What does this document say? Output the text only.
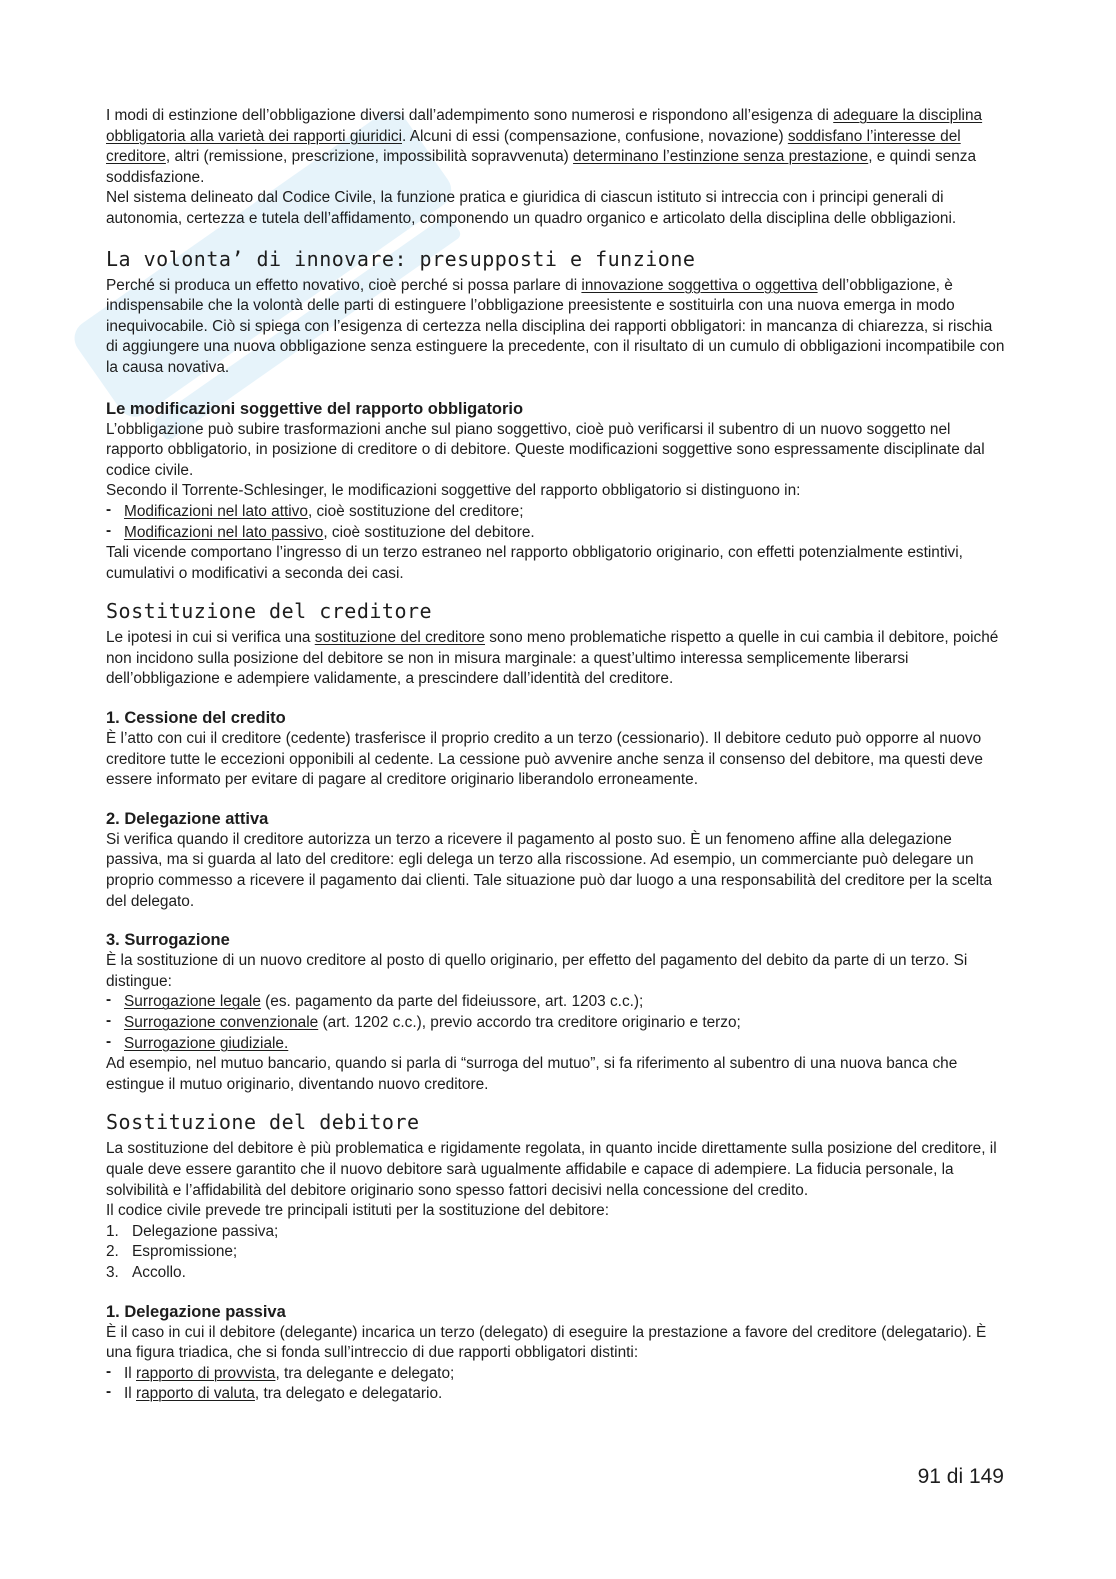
I modi di estinzione dell’obbligazione diversi dall’adempimento sono numerosi e rispondono all’esigenza di adeguare la disciplina obbligatoria alla varietà dei rapporti giuridici. Alcuni di essi (compensazione, confusione, novazione) soddisfano l’interesse del creditore, altri (remissione, prescrizione, impossibilità sopravvenuta) determinano l’estinzione senza prestazione, e quindi senza soddisfazione.

Nel sistema delineato dal Codice Civile, la funzione pratica e giuridica di ciascun istituto si intreccia con i principi generali di autonomia, certezza e tutela dell’affidamento, componendo un quadro organico e articolato della disciplina delle obbligazioni.

La volonta’ di innovare: presupposti e funzione

Perché si produca un effetto novativo, cioè perché si possa parlare di innovazione soggettiva o oggettiva dell’obbligazione, è indispensabile che la volontà delle parti di estinguere l’obbligazione preesistente e sostituirla con una nuova emerga in modo inequivocabile. Ciò si spiega con l’esigenza di certezza nella disciplina dei rapporti obbligatori: in mancanza di chiarezza, si rischia di aggiungere una nuova obbligazione senza estinguere la precedente, con il risultato di un cumulo di obbligazioni incompatibile con la causa novativa.

Le modificazioni soggettive del rapporto obbligatorio

L’obbligazione può subire trasformazioni anche sul piano soggettivo, cioè può verificarsi il subentro di un nuovo soggetto nel rapporto obbligatorio, in posizione di creditore o di debitore. Queste modificazioni soggettive sono espressamente disciplinate dal codice civile.

Secondo il Torrente-Schlesinger, le modificazioni soggettive del rapporto obbligatorio si distinguono in:

- Modificazioni nel lato attivo, cioè sostituzione del creditore;

- Modificazioni nel lato passivo, cioè sostituzione del debitore.

Tali vicende comportano l’ingresso di un terzo estraneo nel rapporto obbligatorio originario, con effetti potenzialmente estintivi, cumulativi o modificativi a seconda dei casi.

Sostituzione del creditore

Le ipotesi in cui si verifica una sostituzione del creditore sono meno problematiche rispetto a quelle in cui cambia il debitore, poiché non incidono sulla posizione del debitore se non in misura marginale: a quest’ultimo interessa semplicemente liberarsi dell’obbligazione e adempiere validamente, a prescindere dall’identità del creditore.

1. Cessione del credito

È l’atto con cui il creditore (cedente) trasferisce il proprio credito a un terzo (cessionario). Il debitore ceduto può opporre al nuovo creditore tutte le eccezioni opponibili al cedente. La cessione può avvenire anche senza il consenso del debitore, ma questi deve essere informato per evitare di pagare al creditore originario liberandolo erroneamente.

2. Delegazione attiva

Si verifica quando il creditore autorizza un terzo a ricevere il pagamento al posto suo. È un fenomeno affine alla delegazione passiva, ma si guarda al lato del creditore: egli delega un terzo alla riscossione. Ad esempio, un commerciante può delegare un proprio commesso a ricevere il pagamento dai clienti. Tale situazione può dar luogo a una responsabilità del creditore per la scelta del delegato.

3. Surrogazione

È la sostituzione di un nuovo creditore al posto di quello originario, per effetto del pagamento del debito da parte di un terzo. Si distingue:

- Surrogazione legale (es. pagamento da parte del fideiussore, art. 1203 c.c.);

- Surrogazione convenzionale (art. 1202 c.c.), previo accordo tra creditore originario e terzo;

- Surrogazione giudiziale.

Ad esempio, nel mutuo bancario, quando si parla di “surroga del mutuo”, si fa riferimento al subentro di una nuova banca che estingue il mutuo originario, diventando nuovo creditore.

Sostituzione del debitore

La sostituzione del debitore è più problematica e rigidamente regolata, in quanto incide direttamente sulla posizione del creditore, il quale deve essere garantito che il nuovo debitore sarà ugualmente affidabile e capace di adempiere. La fiducia personale, la solvibilità e l’affidabilità del debitore originario sono spesso fattori decisivi nella concessione del credito.

Il codice civile prevede tre principali istituti per la sostituzione del debitore:

1. Delegazione passiva;

2. Espromissione;

3. Accollo.

1. Delegazione passiva

È il caso in cui il debitore (delegante) incarica un terzo (delegato) di eseguire la prestazione a favore del creditore (delegatario). È una figura triadica, che si fonda sull’intreccio di due rapporti obbligatori distinti:

- Il rapporto di provvista, tra delegante e delegato;

- Il rapporto di valuta, tra delegato e delegatario.

91 di 149
